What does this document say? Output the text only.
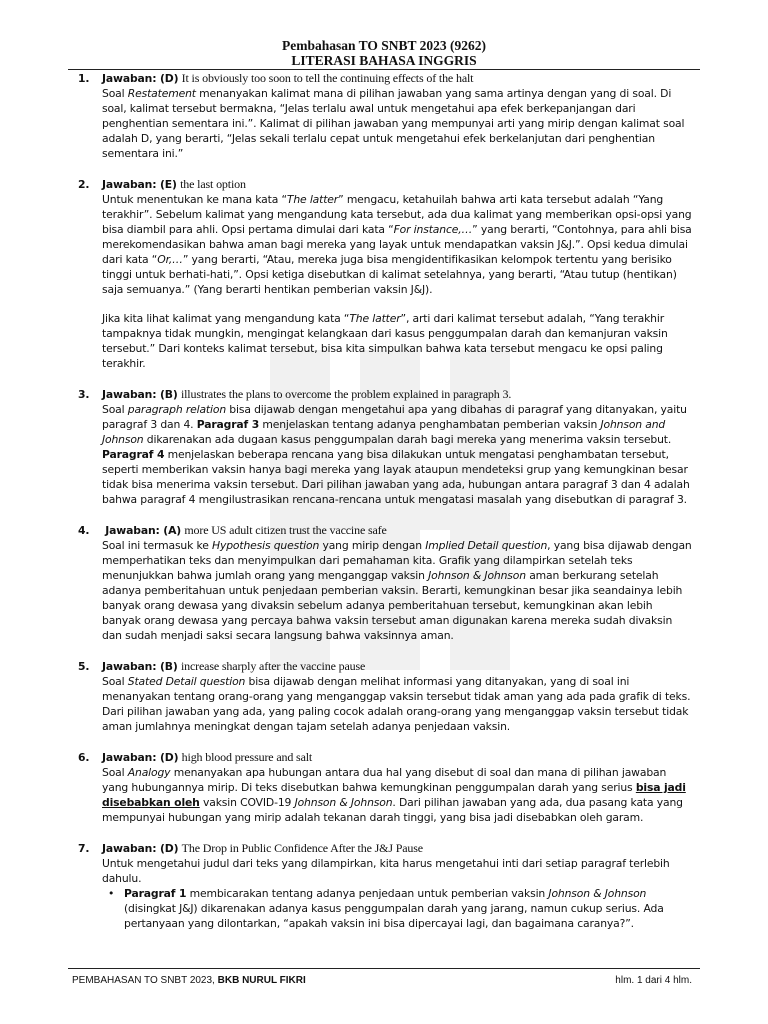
Pembahasan TO SNBT 2023 (9262)
LITERASI BAHASA INGGRIS
1. Jawaban: (D) It is obviously too soon to tell the continuing effects of the halt

Soal Restatement menanyakan kalimat mana di pilihan jawaban yang sama artinya dengan yang di soal. Di soal, kalimat tersebut bermakna, “Jelas terlalu awal untuk mengetahui apa efek berkepanjangan dari penghentian sementara ini.”. Kalimat di pilihan jawaban yang mempunyai arti yang mirip dengan kalimat soal adalah D, yang berarti, “Jelas sekali terlalu cepat untuk mengetahui efek berkelanjutan dari penghentian sementara ini.”

2. Jawaban: (E) the last option

Untuk menentukan ke mana kata “The latter” mengacu, ketahuilah bahwa arti kata tersebut adalah “Yang terakhir”. Sebelum kalimat yang mengandung kata tersebut, ada dua kalimat yang memberikan opsi-opsi yang bisa diambil para ahli. Opsi pertama dimulai dari kata “For instance,…” yang berarti, “Contohnya, para ahli bisa merekomendasikan bahwa aman bagi mereka yang layak untuk mendapatkan vaksin J&J.”. Opsi kedua dimulai dari kata “Or,…” yang berarti, “Atau, mereka juga bisa mengidentifikasikan kelompok tertentu yang berisiko tinggi untuk berhati-hati,”. Opsi ketiga disebutkan di kalimat setelahnya, yang berarti, “Atau tutup (hentikan) saja semuanya.” (Yang berarti hentikan pemberian vaksin J&J).

Jika kita lihat kalimat yang mengandung kata “The latter”, arti dari kalimat tersebut adalah, “Yang terakhir tampaknya tidak mungkin, mengingat kelangkaan dari kasus penggumpalan darah dan kemanjuran vaksin tersebut.” Dari konteks kalimat tersebut, bisa kita simpulkan bahwa kata tersebut mengacu ke opsi paling terakhir.

3. Jawaban: (B) illustrates the plans to overcome the problem explained in paragraph 3.

Soal paragraph relation bisa dijawab dengan mengetahui apa yang dibahas di paragraf yang ditanyakan, yaitu paragraf 3 dan 4. Paragraf 3 menjelaskan tentang adanya penghambatan pemberian vaksin Johnson and Johnson dikarenakan ada dugaan kasus penggumpalan darah bagi mereka yang menerima vaksin tersebut. Paragraf 4 menjelaskan beberapa rencana yang bisa dilakukan untuk mengatasi penghambatan tersebut, seperti memberikan vaksin hanya bagi mereka yang layak ataupun mendeteksi grup yang kemungkinan besar tidak bisa menerima vaksin tersebut. Dari pilihan jawaban yang ada, hubungan antara paragraf 3 dan 4 adalah bahwa paragraf 4 mengilustrasikan rencana-rencana untuk mengatasi masalah yang disebutkan di paragraf 3.

4.	Jawaban: (A) more US adult citizen trust the vaccine safe

Soal ini termasuk ke Hypothesis question yang mirip dengan Implied Detail question, yang bisa dijawab dengan memperhatikan teks dan menyimpulkan dari pemahaman kita. Grafik yang dilampirkan setelah teks menunjukkan bahwa jumlah orang yang menganggap vaksin Johnson & Johnson aman berkurang setelah adanya pemberitahuan untuk penjedaan pemberian vaksin. Berarti, kemungkinan besar jika seandainya lebih banyak orang dewasa yang divaksin sebelum adanya pemberitahuan tersebut, kemungkinan akan lebih banyak orang dewasa yang percaya bahwa vaksin tersebut aman digunakan karena mereka sudah divaksin dan sudah menjadi saksi secara langsung bahwa vaksinnya aman.

5. Jawaban: (B) increase sharply after the vaccine pause

Soal Stated Detail question bisa dijawab dengan melihat informasi yang ditanyakan, yang di soal ini menanyakan tentang orang-orang yang menganggap vaksin tersebut tidak aman yang ada pada grafik di teks. Dari pilihan jawaban yang ada, yang paling cocok adalah orang-orang yang menganggap vaksin tersebut tidak aman jumlahnya meningkat dengan tajam setelah adanya penjedaan vaksin.

6. Jawaban: (D) high blood pressure and salt

Soal Analogy menanyakan apa hubungan antara dua hal yang disebut di soal dan mana di pilihan jawaban yang hubungannya mirip. Di teks disebutkan bahwa kemungkinan penggumpalan darah yang serius bisa jadi disebabkan oleh vaksin COVID-19 Johnson & Johnson. Dari pilihan jawaban yang ada, dua pasang kata yang mempunyai hubungan yang mirip adalah tekanan darah tinggi, yang bisa jadi disebabkan oleh garam.

7. Jawaban: (D) The Drop in Public Confidence After the J&J Pause

Untuk mengetahui judul dari teks yang dilampirkan, kita harus mengetahui inti dari setiap paragraf terlebih dahulu.

• Paragraf 1 membicarakan tentang adanya penjedaan untuk pemberian vaksin Johnson & Johnson (disingkat J&J) dikarenakan adanya kasus penggumpalan darah yang jarang, namun cukup serius. Ada pertanyaan yang dilontarkan, “apakah vaksin ini bisa dipercayai lagi, dan bagaimana caranya?”.
PEMBAHASAN TO SNBT 2023, BKB NURUL FIKRI	hlm. 1 dari 4 hlm.
